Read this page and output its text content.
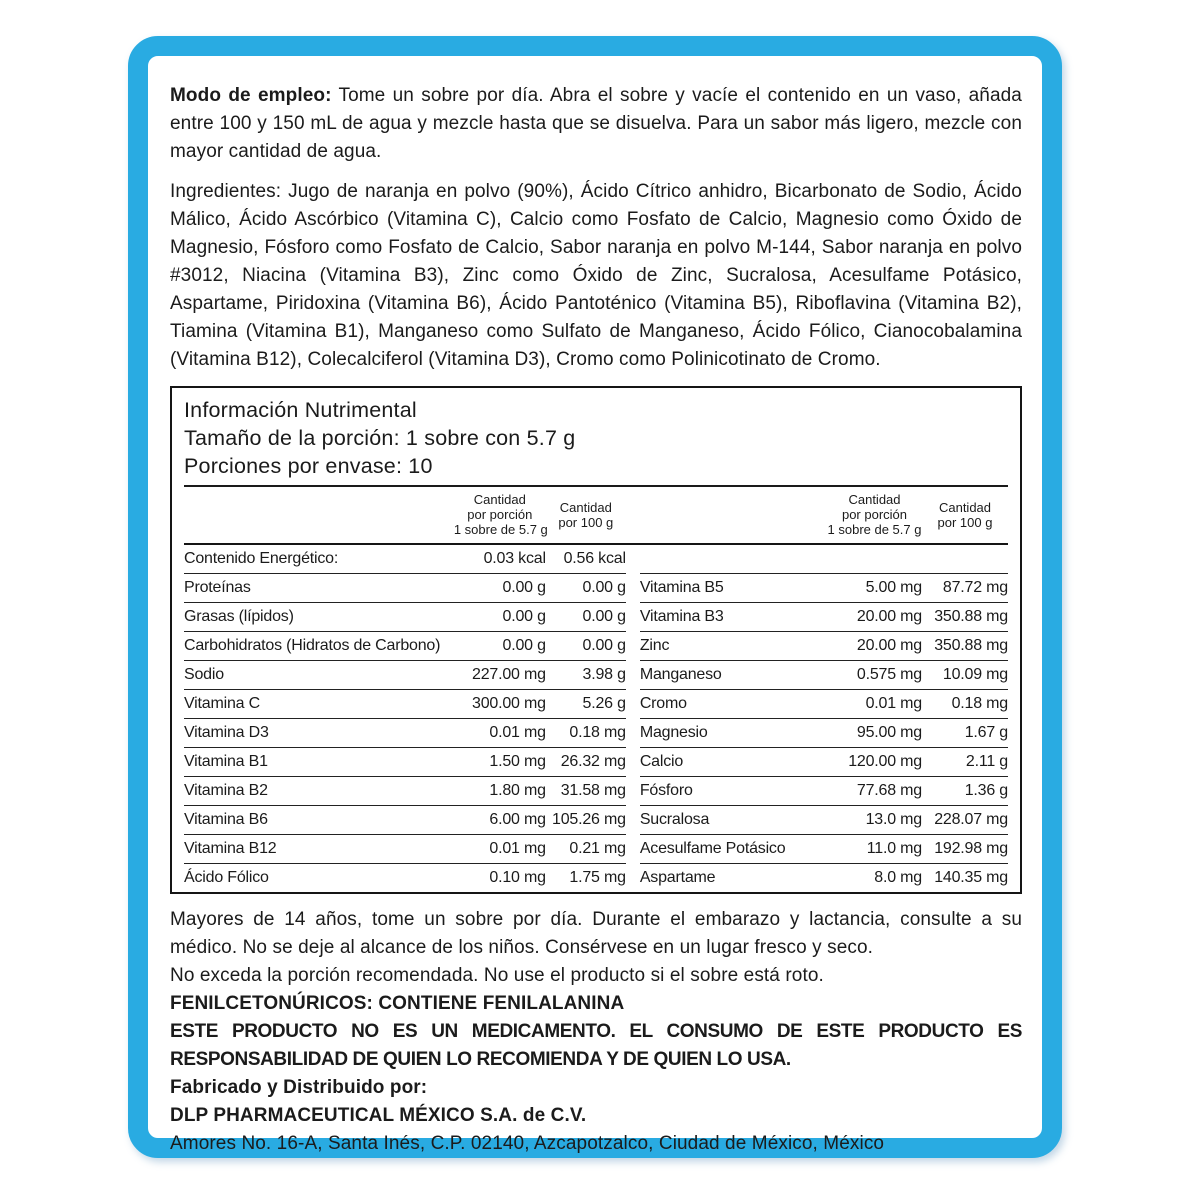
Modo de empleo: Tome un sobre por día. Abra el sobre y vacíe el contenido en un vaso, añada entre 100 y 150 mL de agua y mezcle hasta que se disuelva. Para un sabor más ligero, mezcle con mayor cantidad de agua.

Ingredientes: Jugo de naranja en polvo (90%), Ácido Cítrico anhidro, Bicarbonato de Sodio, Ácido Málico, Ácido Ascórbico (Vitamina C), Calcio como Fosfato de Calcio, Magnesio como Óxido de Magnesio, Fósforo como Fosfato de Calcio, Sabor naranja en polvo M-144, Sabor naranja en polvo #3012, Niacina (Vitamina B3), Zinc como Óxido de Zinc, Sucralosa, Acesulfame Potásico, Aspartame, Piridoxina (Vitamina B6), Ácido Pantoténico (Vitamina B5), Riboflavina (Vitamina B2), Tiamina (Vitamina B1), Manganeso como Sulfato de Manganeso, Ácido Fólico, Cianocobalamina (Vitamina B12), Colecalciferol (Vitamina D3), Cromo como Polinicotinato de Cromo.

Información Nutrimental
Tamaño de la porción: 1 sobre con 5.7 g
Porciones por envase: 10
Cantidad
por porción
1 sobre de 5.7 g
Cantidad
por 100 g
Cantidad
por porción
1 sobre de 5.7 g
Cantidad
por 100 g
Contenido Energético:	0.03 kcal	0.56 kcal
Proteínas	0.00 g	0.00 g
Grasas (lípidos)	0.00 g	0.00 g
Carbohidratos (Hidratos de Carbono)	0.00 g	0.00 g
Sodio	227.00 mg	3.98 g
Vitamina C	300.00 mg	5.26 g
Vitamina D3	0.01 mg	0.18 mg
Vitamina B1	1.50 mg 26.32 mg
Vitamina B2	1.80 mg 31.58 mg
Vitamina B6	6.00 mg 105.26 mg
Vitamina B12	0.01 mg	0.21 mg
Ácido Fólico	0.10 mg	1.75 mg
Vitamina B5	5.00 mg	87.72 mg
Vitamina B3	20.00 mg 350.88 mg
Zinc	20.00 mg 350.88 mg
Manganeso	0.575 mg	10.09 mg
Cromo	0.01 mg	0.18 mg
Magnesio	95.00 mg	1.67 g
Calcio	120.00 mg	2.11 g
Fósforo	77.68 mg	1.36 g
Sucralosa	13.0 mg 228.07 mg
Acesulfame Potásico	11.0 mg 192.98 mg
Aspartame	8.0 mg 140.35 mg

Mayores de 14 años, tome un sobre por día. Durante el embarazo y lactancia, consulte a su médico. No se deje al alcance de los niños. Consérvese en un lugar fresco y seco.

No exceda la porción recomendada. No use el producto si el sobre está roto.

FENILCETONÚRICOS: CONTIENE FENILALANINA

ESTE PRODUCTO NO ES UN MEDICAMENTO. EL CONSUMO DE ESTE PRODUCTO ES RESPONSABILIDAD DE QUIEN LO RECOMIENDA Y DE QUIEN LO USA.

Fabricado y Distribuido por:

DLP PHARMACEUTICAL MÉXICO S.A. de C.V.

Amores No. 16-A, Santa Inés, C.P. 02140, Azcapotzalco, Ciudad de México, México
